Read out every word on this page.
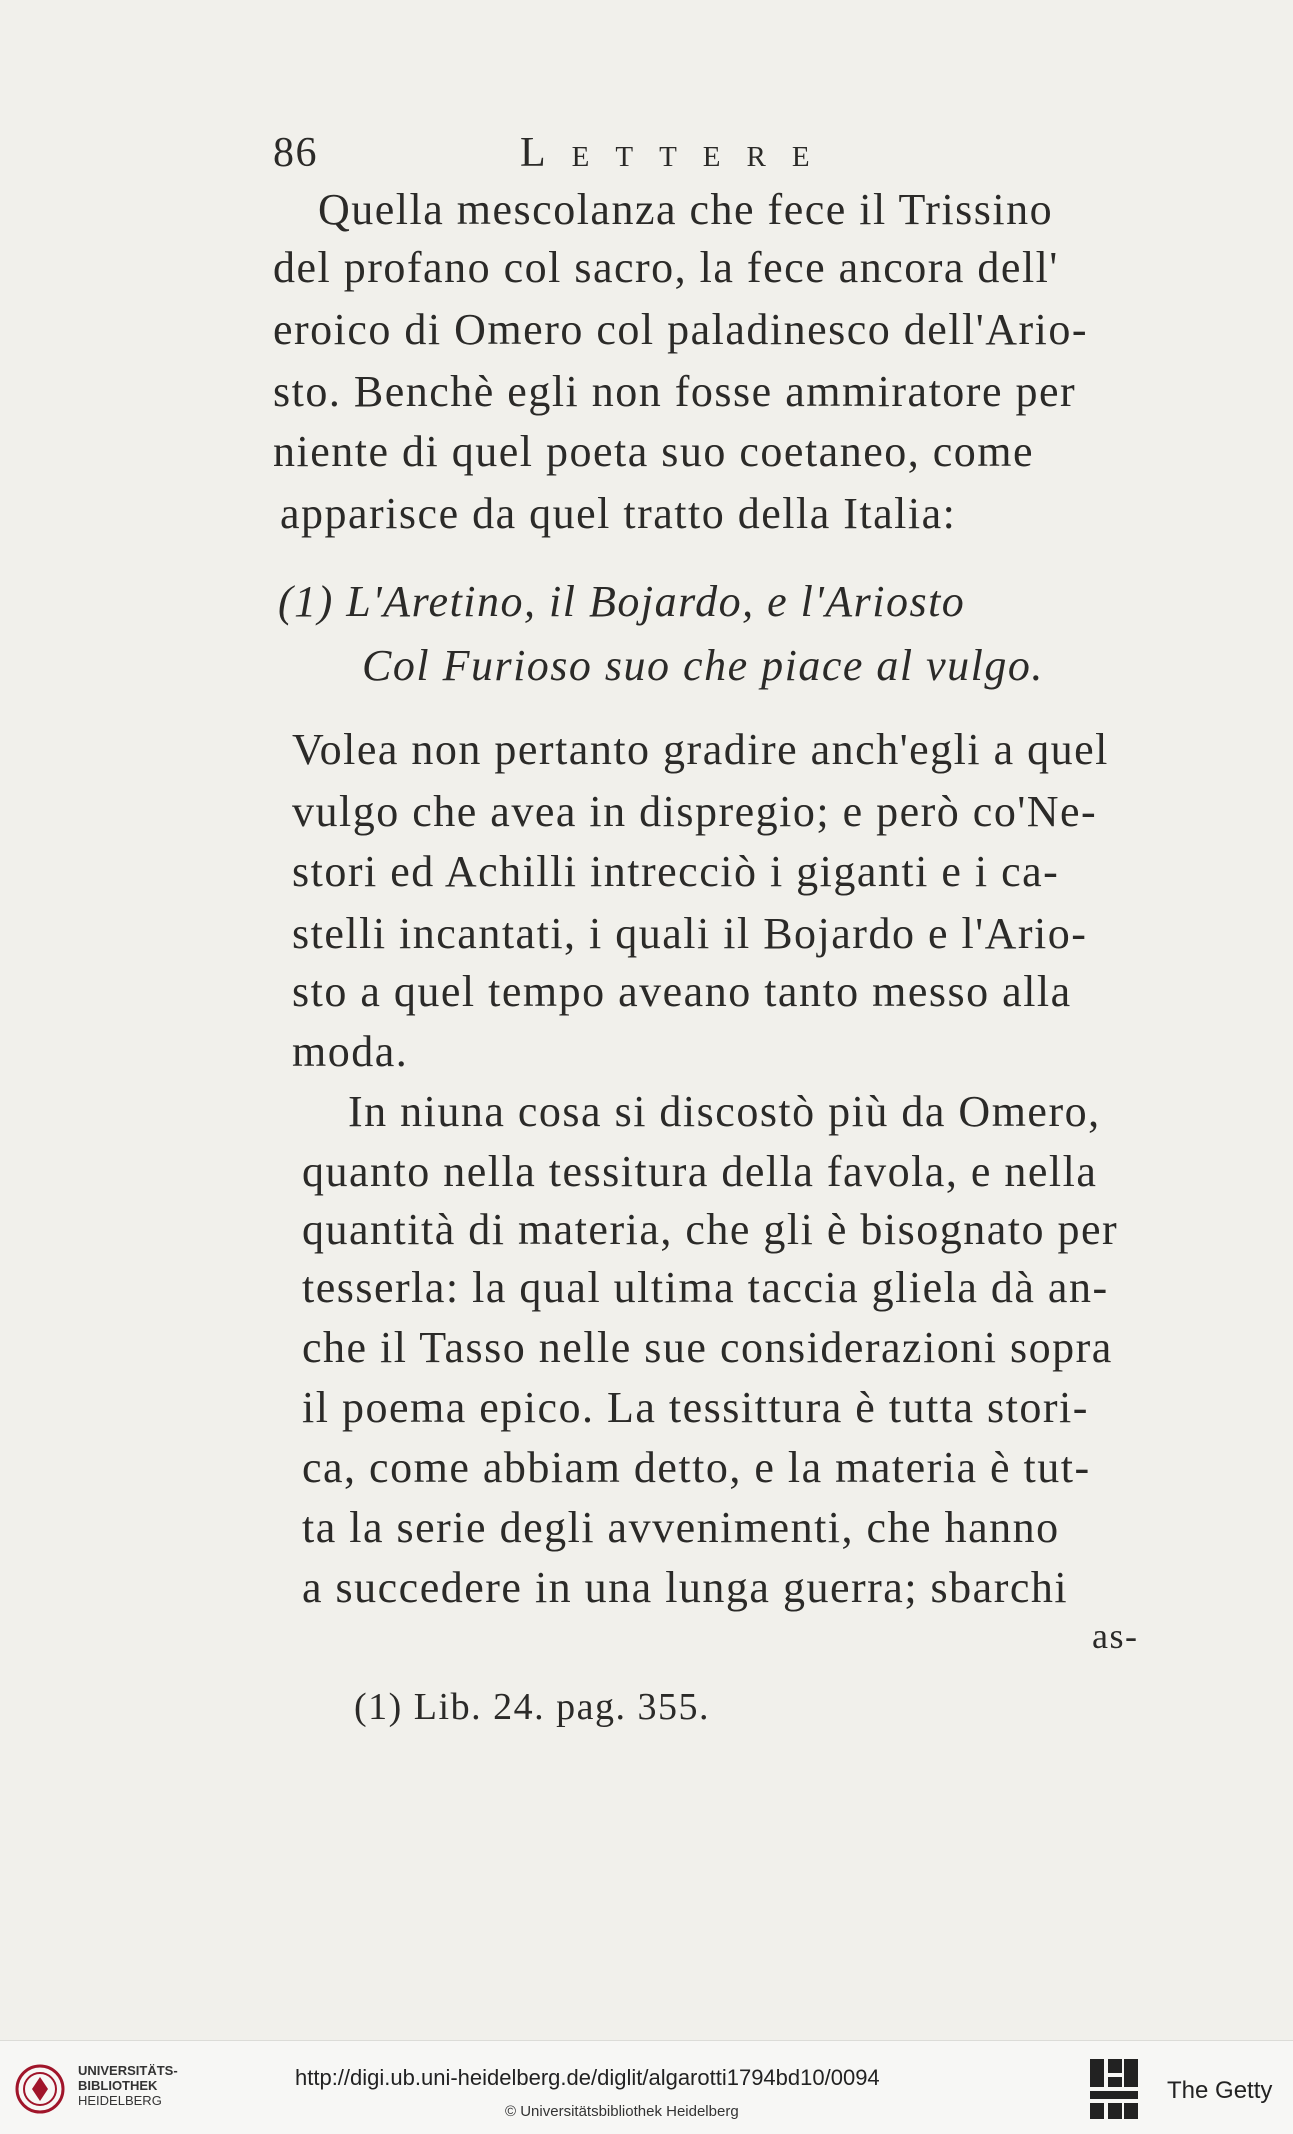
86	Lettere
Quella mescolanza che fece il Trissino
del profano col sacro, la fece ancora dell'
eroico di Omero col paladinesco dell'Ario-
sto. Benchè egli non fosse ammiratore per
niente di quel poeta suo coetaneo, come
apparisce da quel tratto della Italia:
(1) L'Aretino, il Bojardo, e l'Ariosto
Col Furioso suo che piace al vulgo.
Volea non pertanto gradire anch'egli a quel
vulgo che avea in dispregio; e però co'Ne-
stori ed Achilli intrecciò i giganti e i ca-
stelli incantati, i quali il Bojardo e l'Ario-
sto a quel tempo aveano tanto messo alla
moda.
In niuna cosa si discostò più da Omero,
quanto nella tessitura della favola, e nella
quantità di materia, che gli è bisognato per
tesserla: la qual ultima taccia gliela dà an-
che il Tasso nelle sue considerazioni sopra
il poema epico. La tessittura è tutta stori-
ca, come abbiam detto, e la materia è tut-
ta la serie degli avvenimenti, che hanno
a succedere in una lunga guerra; sbarchi
as-
(1) Lib. 24. pag. 355.
UNIVERSITÄTS-
BIBLIOTHEK
HEIDELBERG
http://digi.ub.uni-heidelberg.de/diglit/algarotti1794bd10/0094
© Universitätsbibliothek Heidelberg
The Getty
